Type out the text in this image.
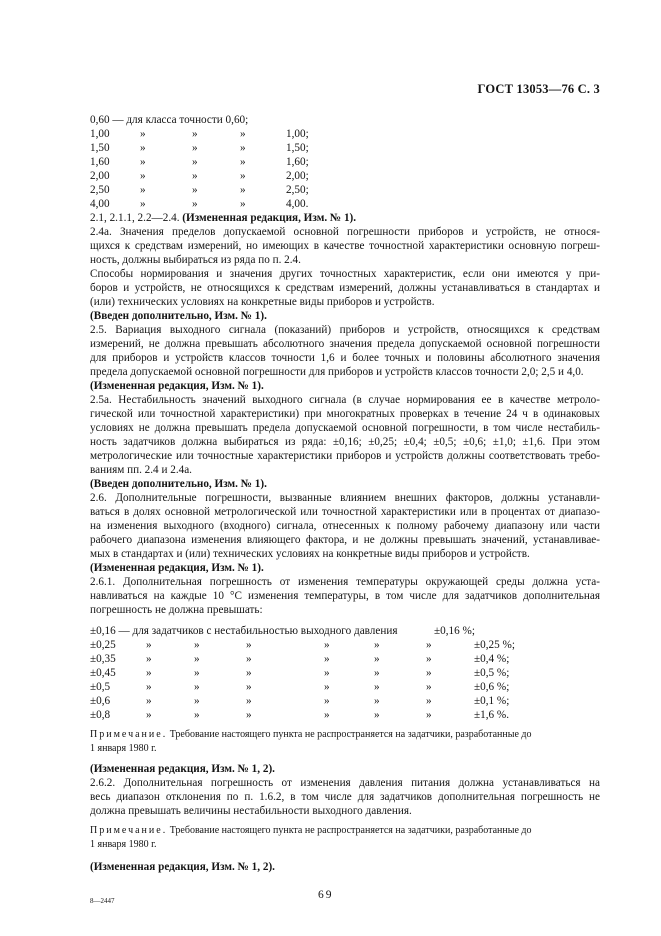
ГОСТ 13053—76 С. 3
0,60 — для класса точности 0,60;
1,00	»	»	»	1,00;
1,50	»	»	»	1,50;
1,60	»	»	»	1,60;
2,00	»	»	»	2,00;
2,50	»	»	»	2,50;
4,00	»	»	»	4,00.
2.1, 2.1.1, 2.2—2.4. (Измененная редакция, Изм. № 1).
2.4а. Значения пределов допускаемой основной погрешности приборов и устройств, не относя-
щихся к средствам измерений, но имеющих в качестве точностной характеристики основную погреш-
ность, должны выбираться из ряда по п. 2.4.
Способы нормирования и значения других точностных характеристик, если они имеются у при-
боров и устройств, не относящихся к средствам измерений, должны устанавливаться в стандартах и
(или) технических условиях на конкретные виды приборов и устройств.
(Введен дополнительно, Изм. № 1).
2.5. Вариация выходного сигнала (показаний) приборов и устройств, относящихся к средствам
измерений, не должна превышать абсолютного значения предела допускаемой основной погрешности
для приборов и устройств классов точности 1,6 и более точных и половины абсолютного значения
предела допускаемой основной погрешности для приборов и устройств классов точности 2,0; 2,5 и 4,0.
(Измененная редакция, Изм. № 1).
2.5а. Нестабильность значений выходного сигнала (в случае нормирования ее в качестве метроло-
гической или точностной характеристики) при многократных проверках в течение 24 ч в одинаковых
условиях не должна превышать предела допускаемой основной погрешности, в том числе нестабиль-
ность задатчиков должна выбираться из ряда: ±0,16; ±0,25; ±0,4; ±0,5; ±0,6; ±1,0; ±1,6. При этом
метрологические или точностные характеристики приборов и устройств должны соответствовать требо-
ваниям пп. 2.4 и 2.4а.
(Введен дополнительно, Изм. № 1).
2.6. Дополнительные погрешности, вызванные влиянием внешних факторов, должны устанавли-
ваться в долях основной метрологической или точностной характеристики или в процентах от диапазо-
на изменения выходного (входного) сигнала, отнесенных к полному рабочему диапазону или части
рабочего диапазона изменения влияющего фактора, и не должны превышать значений, устанавливае-
мых в стандартах и (или) технических условиях на конкретные виды приборов и устройств.
(Измененная редакция, Изм. № 1).
2.6.1. Дополнительная погрешность от изменения температуры окружающей среды должна уста-
навливаться на каждые 10 °С изменения температуры, в том числе для задатчиков дополнительная
погрешность не должна превышать:
±0,16 — для задатчиков с нестабильностью выходного давления	±0,16 %;
±0,25	»	»	»	»	»	»	±0,25 %;
±0,35	»	»	»	»	»	»	±0,4 %;
±0,45	»	»	»	»	»	»	±0,5 %;
±0,5	»	»	»	»	»	»	±0,6 %;
±0,6	»	»	»	»	»	»	±0,1 %;
±0,8	»	»	»	»	»	»	±1,6 %.

Примечание. Требование настоящего пункта не распространяется на задатчики, разработанные до
1 января 1980 г.

(Измененная редакция, Изм. № 1, 2).
2.6.2. Дополнительная погрешность от изменения давления питания должна устанавливаться на
весь диапазон отклонения по п. 1.6.2, в том числе для задатчиков дополнительная погрешность не
должна превышать величины нестабильности выходного давления.

Примечание. Требование настоящего пункта не распространяется на задатчики, разработанные до
1 января 1980 г.

(Измененная редакция, Изм. № 1, 2).
8—2447	69
